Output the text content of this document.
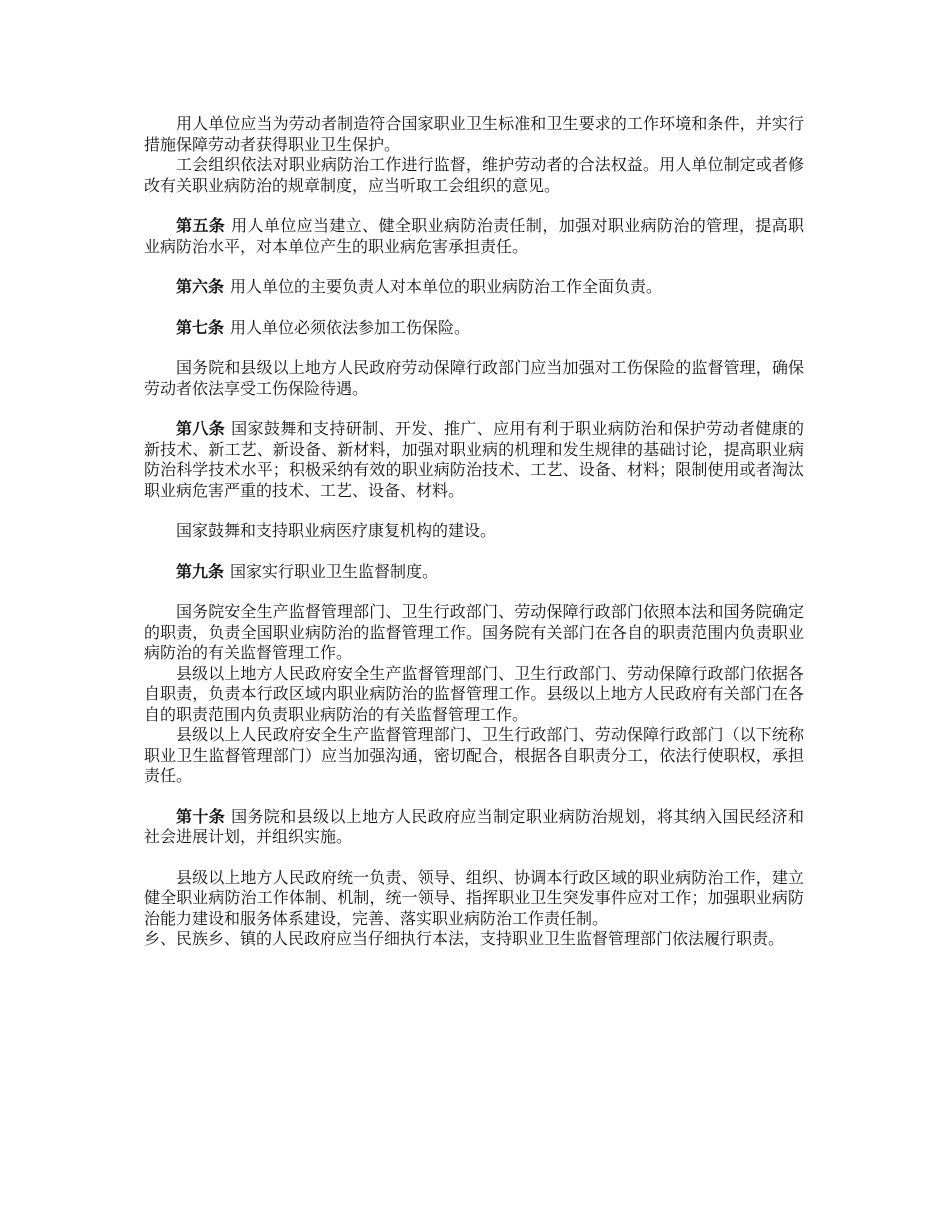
用人单位应当为劳动者制造符合国家职业卫生标准和卫生要求的工作环境和条件，并实行措施保障劳动者获得职业卫生保护。

工会组织依法对职业病防治工作进行监督，维护劳动者的合法权益。用人单位制定或者修改有关职业病防治的规章制度，应当听取工会组织的意见。

第五条 用人单位应当建立、健全职业病防治责任制，加强对职业病防治的管理，提高职业病防治水平，对本单位产生的职业病危害承担责任。

第六条 用人单位的主要负责人对本单位的职业病防治工作全面负责。

第七条 用人单位必须依法参加工伤保险。

国务院和县级以上地方人民政府劳动保障行政部门应当加强对工伤保险的监督管理，确保劳动者依法享受工伤保险待遇。

第八条 国家鼓舞和支持研制、开发、推广、应用有利于职业病防治和保护劳动者健康的新技术、新工艺、新设备、新材料，加强对职业病的机理和发生规律的基础讨论，提高职业病防治科学技术水平；积极采纳有效的职业病防治技术、工艺、设备、材料；限制使用或者淘汰职业病危害严重的技术、工艺、设备、材料。

国家鼓舞和支持职业病医疗康复机构的建设。

第九条 国家实行职业卫生监督制度。

国务院安全生产监督管理部门、卫生行政部门、劳动保障行政部门依照本法和国务院确定的职责，负责全国职业病防治的监督管理工作。国务院有关部门在各自的职责范围内负责职业病防治的有关监督管理工作。

县级以上地方人民政府安全生产监督管理部门、卫生行政部门、劳动保障行政部门依据各自职责，负责本行政区域内职业病防治的监督管理工作。县级以上地方人民政府有关部门在各自的职责范围内负责职业病防治的有关监督管理工作。

县级以上人民政府安全生产监督管理部门、卫生行政部门、劳动保障行政部门（以下统称职业卫生监督管理部门）应当加强沟通，密切配合，根据各自职责分工，依法行使职权，承担责任。

第十条 国务院和县级以上地方人民政府应当制定职业病防治规划，将其纳入国民经济和社会进展计划，并组织实施。

县级以上地方人民政府统一负责、领导、组织、协调本行政区域的职业病防治工作，建立健全职业病防治工作体制、机制，统一领导、指挥职业卫生突发事件应对工作；加强职业病防治能力建设和服务体系建设，完善、落实职业病防治工作责任制。

乡、民族乡、镇的人民政府应当仔细执行本法，支持职业卫生监督管理部门依法履行职责。
